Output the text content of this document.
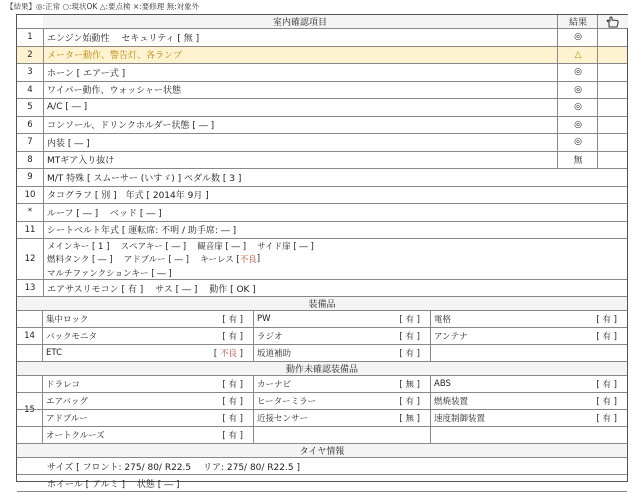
【結果】◎:正常 ○:現状OK △:要点検 ×:要修理 無:対象外
室内確認項目	結果
1	エンジン始動性　 セキュリティ [ 無 ]	◎
2	メーター動作、警告灯、各ランプ	△
3	ホーン [ エアー式 ]	◎
4	ワイパー動作、ウォッシャー状態	◎
5	A/C [ ― ]	◎
6	コンソール、ドリンクホルダー状態 [ ― ]	◎
7	内装 [ ― ]	◎
8	MTギア入り抜け	無
9	M/T 特殊 [ スムーサー (いすゞ) ] ペダル数 [ 3 ]
10	タコグラフ [ 別 ]　年式 [ 2014年 9月 ]
*	ルーフ [ ― ]　 ベッド [ ― ]
11	シートベルト年式 [ 運転席: 不明 / 助手席: ― ]
12
メインキー [ 1 ]　 スペアキー [ ― ]　 観音扉 [ ― ]　 サイド扉 [ ― ]
燃料タンク [ ― ]　 アドブルー [ ― ]　 キーレス [ 不良 ]
マルチファンクションキー [ ― ]
13	エアサスリモコン [ 有 ]　 サス [ ― ]　 動作 [ OK ]
装備品
14
集中ロック	[ 有 ] PW	[ 有 ] 電格	[ 有 ]
バックモニタ	[ 有 ] ラジオ	[ 有 ] アンテナ	[ 有 ]
ETC	[ 不良 ] 坂道補助	[ 有 ]
動作未確認装備品
15
ドラレコ	[ 有 ] カーナビ	[ 無 ] ABS	[ 有 ]
エアバッグ	[ 有 ] ヒーターミラー	[ 有 ] 燃焼装置	[ 有 ]
アドブルー	[ 有 ] 近接センサー	[ 無 ] 速度制御装置	[ 有 ]
オートクルーズ	[ 有 ]
タイヤ情報
サイズ [ フロント: 275/ 80/ R22.5　 リア: 275/ 80/ R22.5 ]
ホイール [ アルミ ]　 状態 [ ― ]
